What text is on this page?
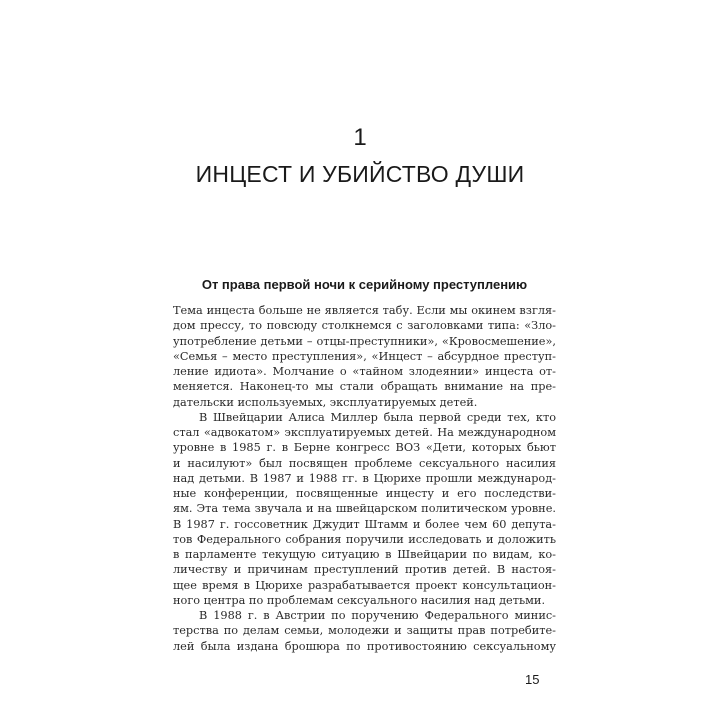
1
ИНЦЕСТ И УБИЙСТВО ДУШИ
От права первой ночи к серийному преступлению
Тема инцеста больше не является табу. Если мы окинем взгля-
дом прессу, то повсюду столкнемся с заголовками типа: «Зло-
употребление детьми – отцы-преступники», «Кровосмешение»,
«Семья – место преступления», «Инцест – абсурдное преступ-
ление идиота». Молчание о «тайном злодеянии» инцеста от-
меняется. Наконец-то мы стали обращать внимание на пре-
дательски используемых, эксплуатируемых детей.
В Швейцарии Алиса Миллер была первой среди тех, кто
стал «адвокатом» эксплуатируемых детей. На международном
уровне в 1985 г. в Берне конгресс ВОЗ «Дети, которых бьют
и насилуют» был посвящен проблеме сексуального насилия
над детьми. В 1987 и 1988 гг. в Цюрихе прошли международ-
ные конференции, посвященные инцесту и его последстви-
ям. Эта тема звучала и на швейцарском политическом уровне.
В 1987 г. госсоветник Джудит Штамм и более чем 60 депута-
тов Федерального собрания поручили исследовать и доложить
в парламенте текущую ситуацию в Швейцарии по видам, ко-
личеству и причинам преступлений против детей. В настоя-
щее время в Цюрихе разрабатывается проект консультацион-
ного центра по проблемам сексуального насилия над детьми.
В 1988 г. в Австрии по поручению Федерального минис-
терства по делам семьи, молодежи и защиты прав потребите-
лей была издана брошюра по противостоянию сексуальному
15
